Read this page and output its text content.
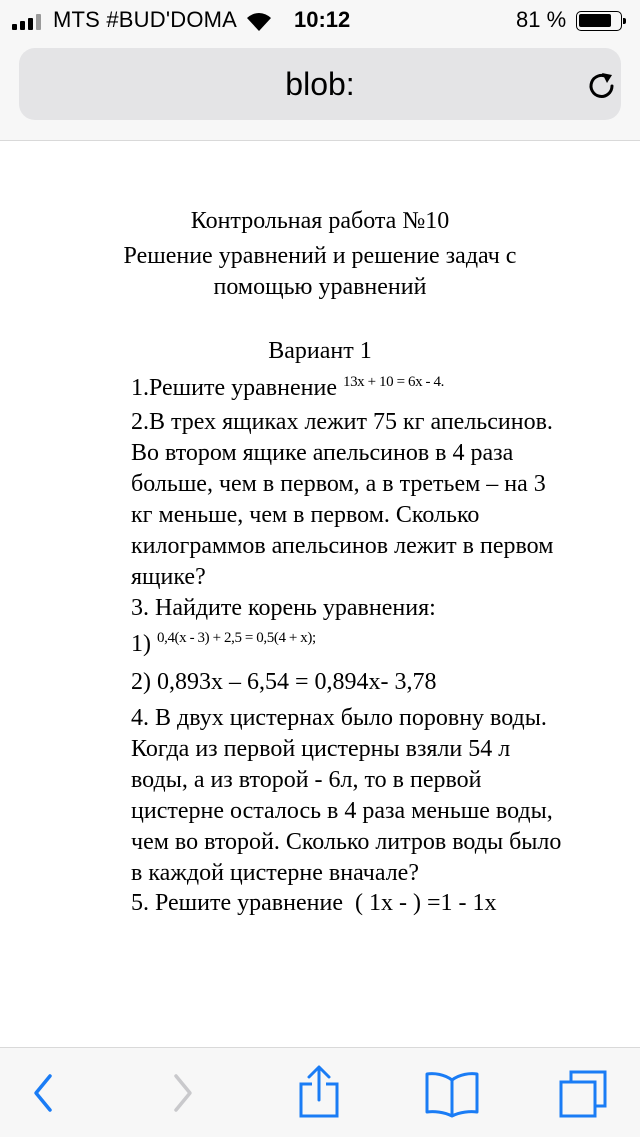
MTS #BUD'DOMA	10:12	81 %
blob:
Контрольная работа №10
Решение уравнений и решение задач с
помощью уравнений
Вариант 1
1.Решите уравнение $^{13x + 10 = 6x - 4.}$
2.В трех ящиках лежит 75 кг апельсинов.
Во втором ящике апельсинов в 4 раза
больше, чем в первом, а в третьем – на 3
кг меньше, чем в первом. Сколько
килограммов апельсинов лежит в первом
ящике?
3. Найдите корень уравнения:
1) $^{0,4(x - 3) + 2,5 = 0,5(4 + x);}$
2) 0,893x – 6,54 = 0,894x- 3,78
4. В двух цистернах было поровну воды.
Когда из первой цистерны взяли 54 л
воды, а из второй - 6л, то в первой
цистерне осталось в 4 раза меньше воды,
чем во второй. Сколько литров воды было
в каждой цистерне вначале?
5. Решите уравнение  ( 1x - ) =1 - 1x
